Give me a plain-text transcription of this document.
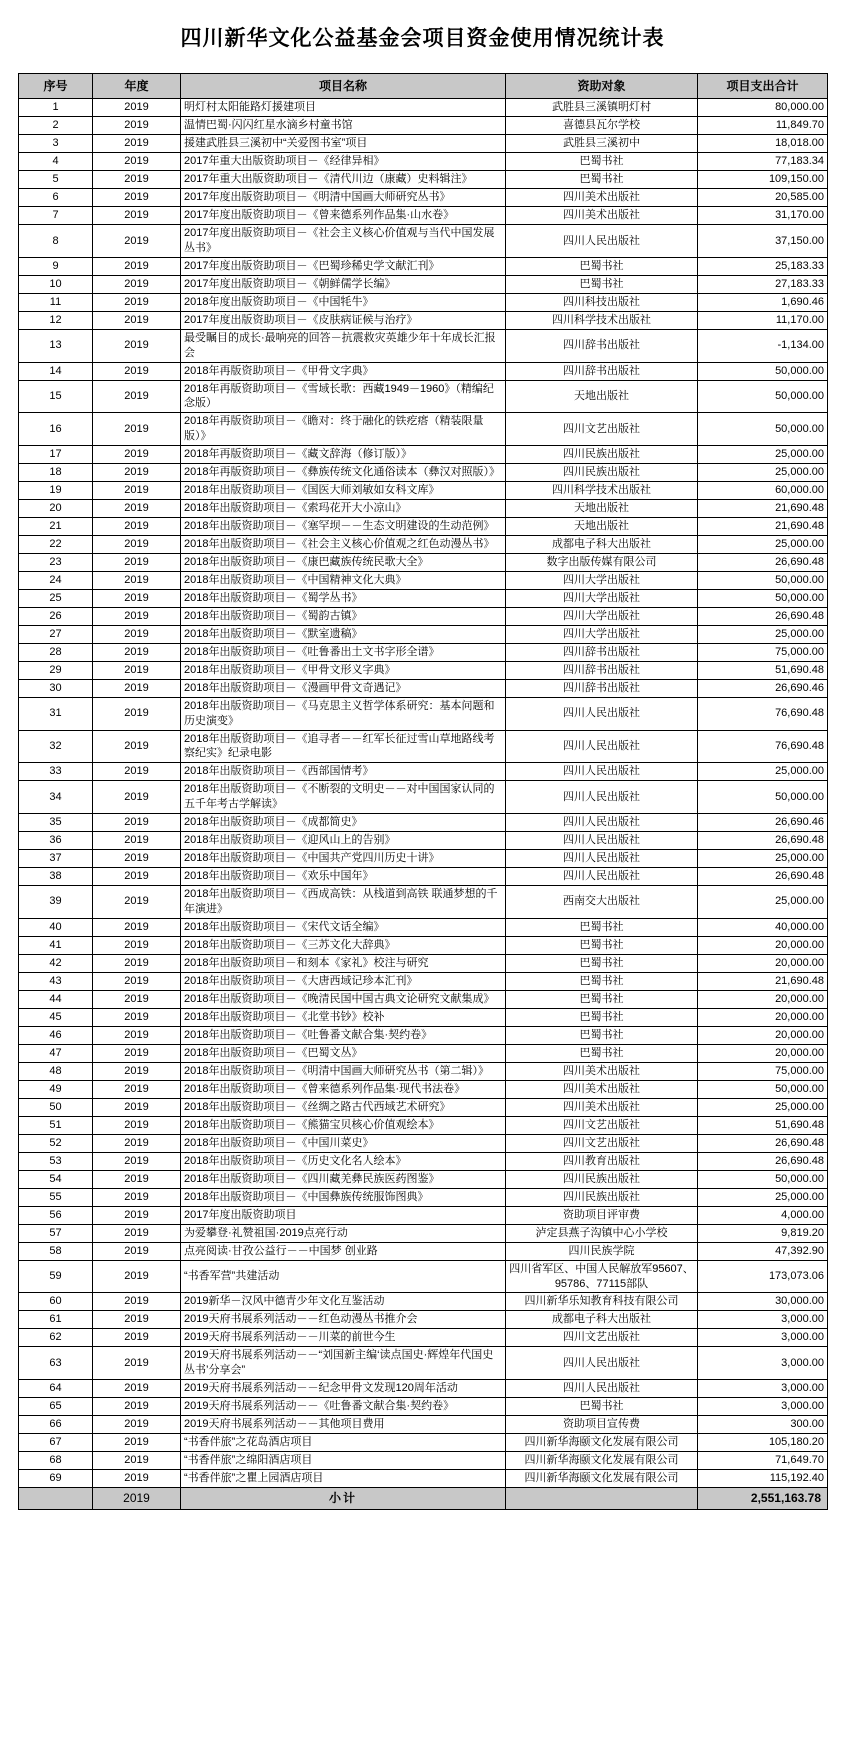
四川新华文化公益基金会项目资金使用情况统计表
序号	年度	项目名称	资助对象	项目支出合计
1	2019	明灯村太阳能路灯援建项目	武胜县三溪镇明灯村	80,000.00
2	2019	温情巴蜀·闪闪红星水滴乡村童书馆	喜德县瓦尔学校	11,849.70
3	2019	援建武胜县三溪初中“关爱图书室”项目	武胜县三溪初中	18,018.00
4	2019	2017年重大出版资助项目－《经律异相》	巴蜀书社	77,183.34
5	2019	2017年重大出版资助项目－《清代川边（康藏）史料辑注》	巴蜀书社	109,150.00
6	2019	2017年度出版资助项目－《明清中国画大师研究丛书》	四川美术出版社	20,585.00
7	2019	2017年度出版资助项目－《曾来德系列作品集·山水卷》	四川美术出版社	31,170.00
8	2019	2017年度出版资助项目－《社会主义核心价值观与当代中国发展丛书》	四川人民出版社	37,150.00
9	2019	2017年度出版资助项目－《巴蜀珍稀史学文献汇刊》	巴蜀书社	25,183.33
10	2019	2017年度出版资助项目－《朝鲜儒学长编》	巴蜀书社	27,183.33
11	2019	2018年度出版资助项目－《中国牦牛》	四川科技出版社	1,690.46
12	2019	2017年度出版资助项目－《皮肤病证候与治疗》	四川科学技术出版社	11,170.00
13	2019	最受瞩目的成长·最响亮的回答－抗震救灾英雄少年十年成长汇报会	四川辞书出版社	-1,134.00
14	2019	2018年再版资助项目－《甲骨文字典》	四川辞书出版社	50,000.00
15	2019	2018年再版资助项目－《雪域长歌：西藏1949－1960》（精编纪念版）	天地出版社	50,000.00
16	2019	2018年再版资助项目－《瞻对：终于融化的铁疙瘩（精装限量版）》	四川文艺出版社	50,000.00
17	2019	2018年再版资助项目－《藏文辞海（修订版）》	四川民族出版社	25,000.00
18	2019	2018年再版资助项目－《彝族传统文化通俗读本（彝汉对照版）》	四川民族出版社	25,000.00
19	2019	2018年出版资助项目－《国医大师刘敏如女科文库》	四川科学技术出版社	60,000.00
20	2019	2018年出版资助项目－《索玛花开大小凉山》	天地出版社	21,690.48
21	2019	2018年出版资助项目－《塞罕坝－－生态文明建设的生动范例》	天地出版社	21,690.48
22	2019	2018年出版资助项目－《社会主义核心价值观之红色动漫丛书》	成都电子科大出版社	25,000.00
23	2019	2018年出版资助项目－《康巴藏族传统民歌大全》	数字出版传媒有限公司	26,690.48
24	2019	2018年出版资助项目－《中国精神文化大典》	四川大学出版社	50,000.00
25	2019	2018年出版资助项目－《蜀学丛书》	四川大学出版社	50,000.00
26	2019	2018年出版资助项目－《蜀韵古镇》	四川大学出版社	26,690.48
27	2019	2018年出版资助项目－《默室遗稿》	四川大学出版社	25,000.00
28	2019	2018年出版资助项目－《吐鲁番出土文书字形全谱》	四川辞书出版社	75,000.00
29	2019	2018年出版资助项目－《甲骨文形义字典》	四川辞书出版社	51,690.48
30	2019	2018年出版资助项目－《漫画甲骨文奇遇记》	四川辞书出版社	26,690.46
31	2019	2018年出版资助项目－《马克思主义哲学体系研究：基本问题和历史演变》	四川人民出版社	76,690.48
32	2019	2018年出版资助项目－《追寻者－－红军长征过雪山草地路线考察纪实》纪录电影	四川人民出版社	76,690.48
33	2019	2018年出版资助项目－《西部国情考》	四川人民出版社	25,000.00
34	2019	2018年出版资助项目－《不断裂的文明史－－对中国国家认同的五千年考古学解读》	四川人民出版社	50,000.00
35	2019	2018年出版资助项目－《成都简史》	四川人民出版社	26,690.46
36	2019	2018年出版资助项目－《迎风山上的告别》	四川人民出版社	26,690.48
37	2019	2018年出版资助项目－《中国共产党四川历史十讲》	四川人民出版社	25,000.00
38	2019	2018年出版资助项目－《欢乐中国年》	四川人民出版社	26,690.48
39	2019	2018年出版资助项目－《西成高铁：从栈道到高铁 联通梦想的千年演进》	西南交大出版社	25,000.00
40	2019	2018年出版资助项目－《宋代文话全编》	巴蜀书社	40,000.00
41	2019	2018年出版资助项目－《三苏文化大辞典》	巴蜀书社	20,000.00
42	2019	2018年出版资助项目－和刻本《家礼》校注与研究	巴蜀书社	20,000.00
43	2019	2018年出版资助项目－《大唐西域记珍本汇刊》	巴蜀书社	21,690.48
44	2019	2018年出版资助项目－《晚清民国中国古典文论研究文献集成》	巴蜀书社	20,000.00
45	2019	2018年出版资助项目－《北堂书钞》校补	巴蜀书社	20,000.00
46	2019	2018年出版资助项目－《吐鲁番文献合集·契约卷》	巴蜀书社	20,000.00
47	2019	2018年出版资助项目－《巴蜀文丛》	巴蜀书社	20,000.00
48	2019	2018年出版资助项目－《明清中国画大师研究丛书（第二辑）》	四川美术出版社	75,000.00
49	2019	2018年出版资助项目－《曾来德系列作品集·现代书法卷》	四川美术出版社	50,000.00
50	2019	2018年出版资助项目－《丝绸之路古代西域艺术研究》	四川美术出版社	25,000.00
51	2019	2018年出版资助项目－《熊猫宝贝核心价值观绘本》	四川文艺出版社	51,690.48
52	2019	2018年出版资助项目－《中国川菜史》	四川文艺出版社	26,690.48
53	2019	2018年出版资助项目－《历史文化名人绘本》	四川教育出版社	26,690.48
54	2019	2018年出版资助项目－《四川藏羌彝民族医药图鉴》	四川民族出版社	50,000.00
55	2019	2018年出版资助项目－《中国彝族传统服饰图典》	四川民族出版社	25,000.00
56	2019	2017年度出版资助项目	资助项目评审费	4,000.00
57	2019	为爱攀登·礼赞祖国·2019点亮行动	泸定县燕子沟镇中心小学校	9,819.20
58	2019	点亮阅读·甘孜公益行－－中国梦 创业路	四川民族学院	47,392.90
59	2019	“书香军营”共建活动	四川省军区、中国人民解放军95607、95786、77115部队	173,073.06
60	2019	2019新华－汉风中德青少年文化互鉴活动	四川新华乐知教育科技有限公司	30,000.00
61	2019	2019天府书展系列活动－－红色动漫丛书推介会	成都电子科大出版社	3,000.00
62	2019	2019天府书展系列活动－－川菜的前世今生	四川文艺出版社	3,000.00
63	2019	2019天府书展系列活动－－“刘国新主编‘读点国史·辉煌年代国史丛书’分享会”	四川人民出版社	3,000.00
64	2019	2019天府书展系列活动－－纪念甲骨文发现120周年活动	四川人民出版社	3,000.00
65	2019	2019天府书展系列活动－－《吐鲁番文献合集·契约卷》	巴蜀书社	3,000.00
66	2019	2019天府书展系列活动－－其他项目费用	资助项目宣传费	300.00
67	2019	“书香伴旅”之花岛酒店项目	四川新华海颐文化发展有限公司	105,180.20
68	2019	“书香伴旅”之绵阳酒店项目	四川新华海颐文化发展有限公司	71,649.70
69	2019	“书香伴旅”之瞿上园酒店项目	四川新华海颐文化发展有限公司	115,192.40
	2019	小计		2,551,163.78
